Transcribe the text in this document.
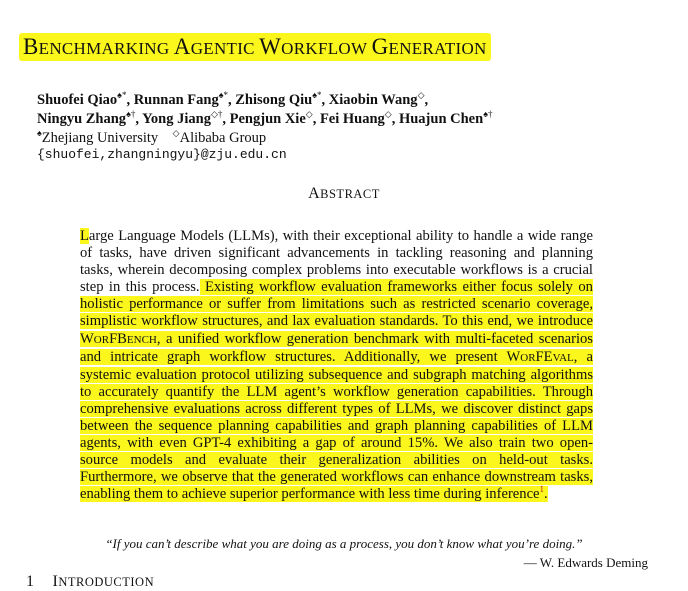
BENCHMARKING AGENTIC WORKFLOW GENERATION
Shuofei Qiao♠*, Runnan Fang♠*, Zhisong Qiu♠*, Xiaobin Wang◇,
Ningyu Zhang♠†, Yong Jiang◇†, Pengjun Xie◇, Fei Huang◇, Huajun Chen♠†
♠Zhejiang University ◇Alibaba Group
{shuofei,zhangningyu}@zju.edu.cn
ABSTRACT
Large Language Models (LLMs), with their exceptional ability to handle a wide range of tasks, have driven significant advancements in tackling reasoning and planning tasks, wherein decomposing complex problems into executable workflows is a crucial step in this process. Existing workflow evaluation frameworks either focus solely on holistic performance or suffer from limitations such as restricted scenario coverage, simplistic workflow structures, and lax evaluation standards. To this end, we introduce WORFBENCH, a unified workflow generation benchmark with multi-faceted scenarios and intricate graph workflow structures. Additionally, we present WORFEVAL, a systemic evaluation protocol utilizing subsequence and subgraph matching algorithms to accurately quantify the LLM agent’s workflow generation capabilities. Through comprehensive evaluations across different types of LLMs, we discover distinct gaps between the sequence planning capabilities and graph planning capabilities of LLM agents, with even GPT-4 exhibiting a gap of around 15%. We also train two open-source models and evaluate their generalization abilities on held-out tasks. Furthermore, we observe that the generated workflows can enhance downstream tasks, enabling them to achieve superior performance with less time during inference$^1$.
“If you can’t describe what you are doing as a process, you don’t know what you’re doing.”
— W. Edwards Deming
1 INTRODUCTION
